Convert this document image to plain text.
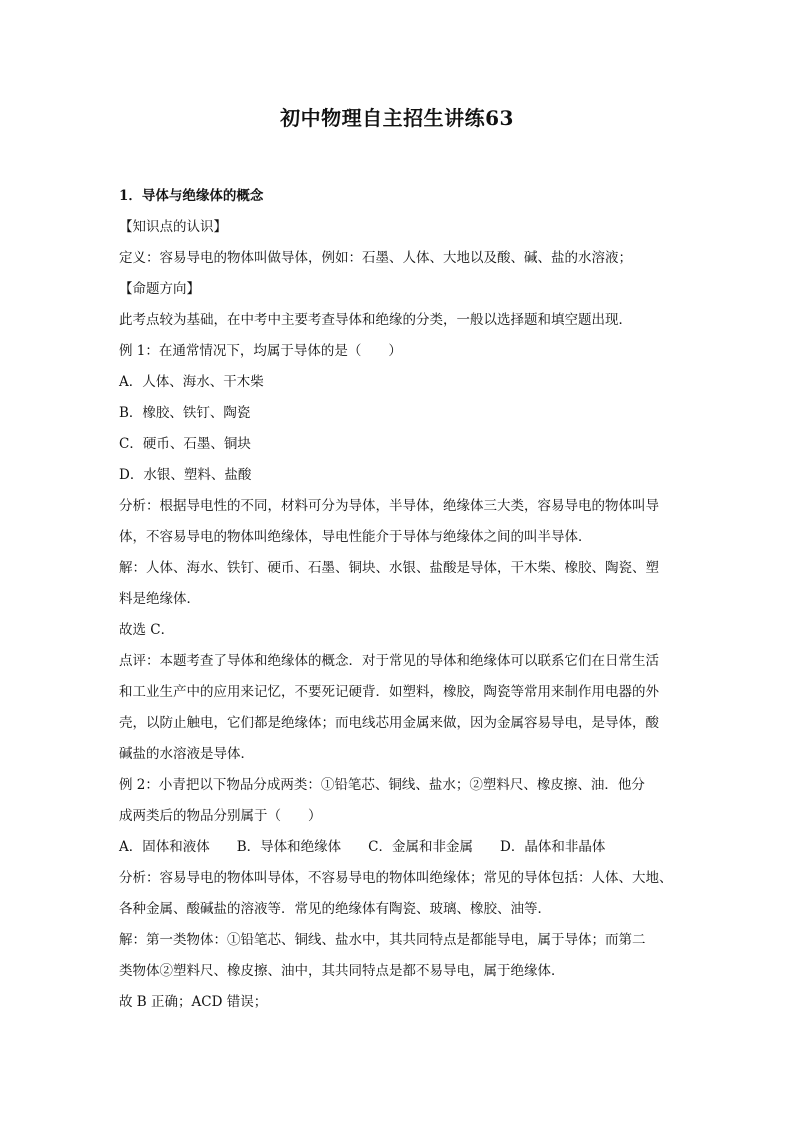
初中物理自主招生讲练63
1．导体与绝缘体的概念
【知识点的认识】
定义：容易导电的物体叫做导体，例如：石墨、人体、大地以及酸、碱、盐的水溶液；
【命题方向】
此考点较为基础，在中考中主要考查导体和绝缘的分类，一般以选择题和填空题出现．
例 1：在通常情况下，均属于导体的是（　　）
A．人体、海水、干木柴
B．橡胶、铁钉、陶瓷
C．硬币、石墨、铜块
D．水银、塑料、盐酸
分析：根据导电性的不同，材料可分为导体，半导体，绝缘体三大类，容易导电的物体叫导
体，不容易导电的物体叫绝缘体，导电性能介于导体与绝缘体之间的叫半导体．
解：人体、海水、铁钉、硬币、石墨、铜块、水银、盐酸是导体，干木柴、橡胶、陶瓷、塑
料是绝缘体．
故选 C．
点评：本题考查了导体和绝缘体的概念．对于常见的导体和绝缘体可以联系它们在日常生活
和工业生产中的应用来记忆，不要死记硬背．如塑料，橡胶，陶瓷等常用来制作用电器的外
壳，以防止触电，它们都是绝缘体；而电线芯用金属来做，因为金属容易导电，是导体，酸
碱盐的水溶液是导体．
例 2：小青把以下物品分成两类：①铅笔芯、铜线、盐水；②塑料尺、橡皮擦、油．他分
成两类后的物品分别属于（　　）
A．固体和液体　　B．导体和绝缘体　　C．金属和非金属　　D．晶体和非晶体
分析：容易导电的物体叫导体，不容易导电的物体叫绝缘体；常见的导体包括：人体、大地、
各种金属、酸碱盐的溶液等．常见的绝缘体有陶瓷、玻璃、橡胶、油等．
解：第一类物体：①铅笔芯、铜线、盐水中，其共同特点是都能导电，属于导体；而第二
类物体②塑料尺、橡皮擦、油中，其共同特点是都不易导电，属于绝缘体．
故 B 正确；ACD 错误；
